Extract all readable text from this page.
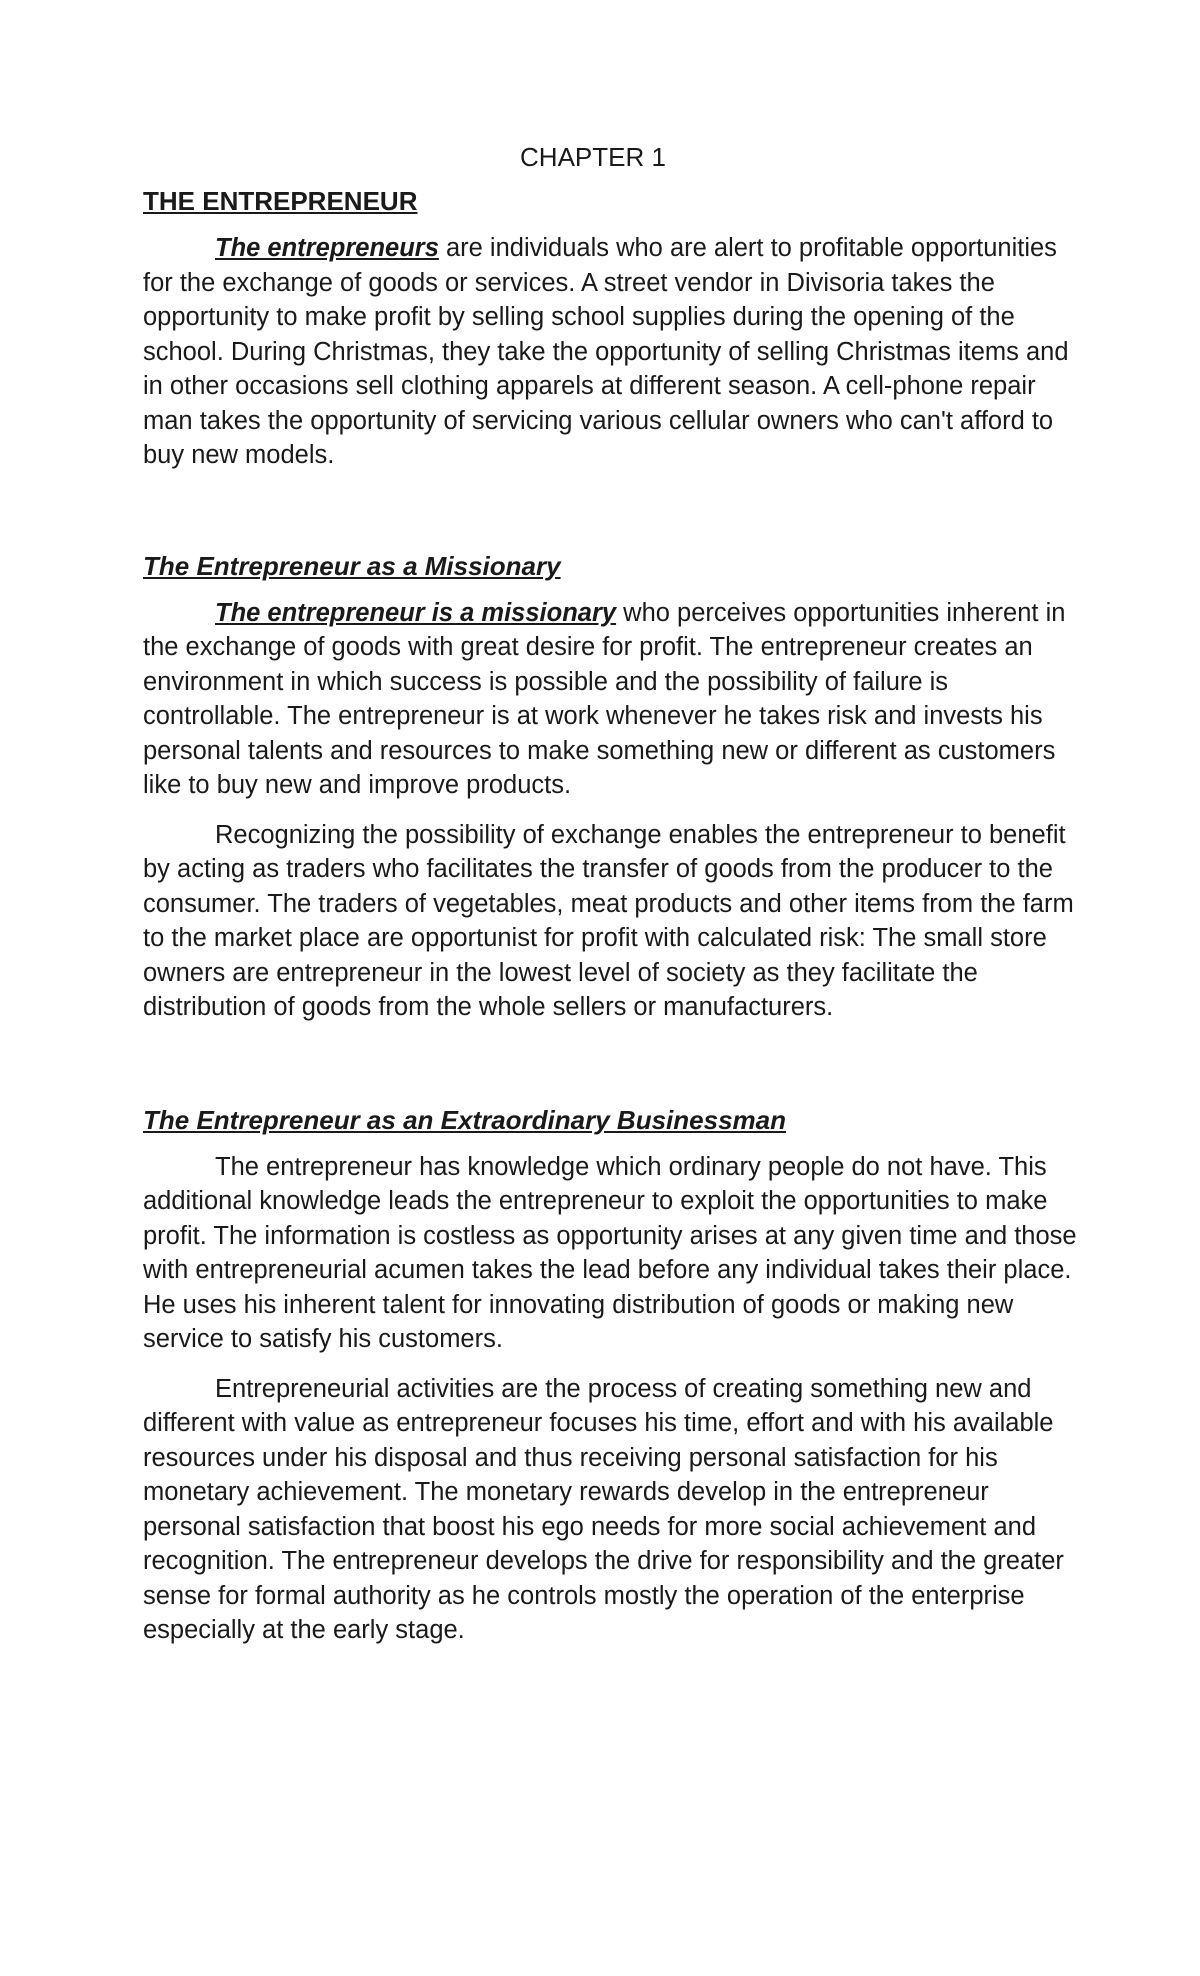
CHAPTER 1
THE ENTREPRENEUR

The entrepreneurs are individuals who are alert to profitable opportunities for the exchange of goods or services. A street vendor in Divisoria takes the opportunity to make profit by selling school supplies during the opening of the school. During Christmas, they take the opportunity of selling Christmas items and in other occasions sell clothing apparels at different season. A cell-phone repair man takes the opportunity of servicing various cellular owners who can't afford to buy new models.

The Entrepreneur as a Missionary

The entrepreneur is a missionary who perceives opportunities inherent in the exchange of goods with great desire for profit. The entrepreneur creates an environment in which success is possible and the possibility of failure is controllable. The entrepreneur is at work whenever he takes risk and invests his personal talents and resources to make something new or different as customers like to buy new and improve products.

Recognizing the possibility of exchange enables the entrepreneur to benefit by acting as traders who facilitates the transfer of goods from the producer to the consumer. The traders of vegetables, meat products and other items from the farm to the market place are opportunist for profit with calculated risk: The small store owners are entrepreneur in the lowest level of society as they facilitate the distribution of goods from the whole sellers or manufacturers.

The Entrepreneur as an Extraordinary Businessman

The entrepreneur has knowledge which ordinary people do not have. This additional knowledge leads the entrepreneur to exploit the opportunities to make profit. The information is costless as opportunity arises at any given time and those with entrepreneurial acumen takes the lead before any individual takes their place. He uses his inherent talent for innovating distribution of goods or making new service to satisfy his customers.

Entrepreneurial activities are the process of creating something new and different with value as entrepreneur focuses his time, effort and with his available resources under his disposal and thus receiving personal satisfaction for his monetary achievement. The monetary rewards develop in the entrepreneur personal satisfaction that boost his ego needs for more social achievement and recognition. The entrepreneur develops the drive for responsibility and the greater sense for formal authority as he controls mostly the operation of the enterprise especially at the early stage.
